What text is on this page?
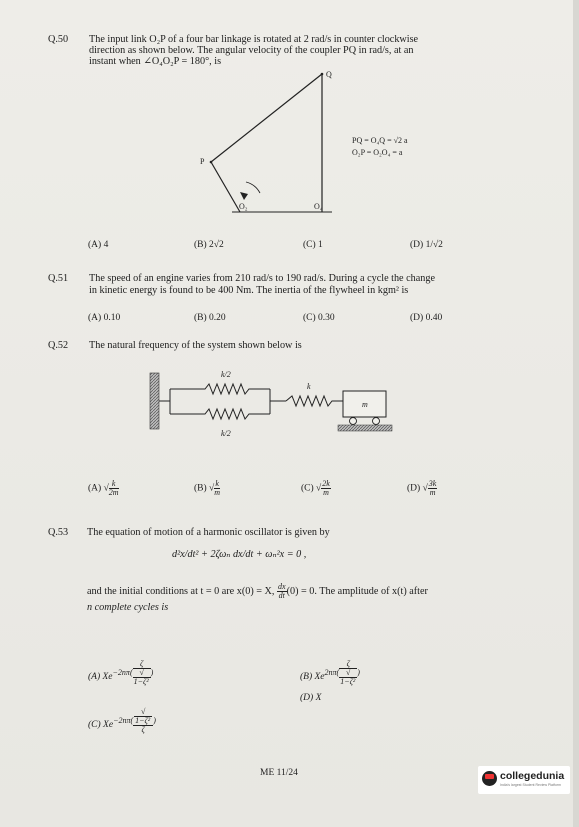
Q.50 The input link O₂P of a four bar linkage is rotated at 2 rad/s in counter clockwise
direction as shown below. The angular velocity of the coupler PQ in rad/s, at an
instant when ∠O₄O₂P = 180°, is
Q
P
O₂	O₄
PQ = O₄Q = √2 a
O₂P = O₂O₄ = a
(A) 4	(B) 2√2	(C) 1	(D) 1/√2
Q.51 The speed of an engine varies from 210 rad/s to 190 rad/s. During a cycle the change
in kinetic energy is found to be 400 Nm. The inertia of the flywheel in kgm² is
(A) 0.10	(B) 0.20	(C) 0.30	(D) 0.40
Q.52 The natural frequency of the system shown below is
k/2
k
m
k/2
(A) √ $\frac{k}{2m}$	(B) √ $\frac{k}{m}$	(C) √ $\frac{2k}{m}$	(D) √ $\frac{3k}{m}$
Q.53 The equation of motion of a harmonic oscillator is given by
d²x/dt² + 2ζωₙ dx/dt + ωₙ²x = 0 ,
and the initial conditions at t = 0 are x(0) = X, $\frac{dx}{dt} (0) = 0$. The amplitude of x(t) after
n complete cycles is
(A) $Xe^{-2n\pi( \zeta √ 1-\zeta^2 )}$	(B) $Xe^{2n\pi( \zeta √ 1-\zeta^2 )}$
(C) $Xe^{-2n\pi( √ 1-\zeta^2 \zeta )}$
(D) X
ME 11/24	collegedunia
India's largest Student Review Platform
